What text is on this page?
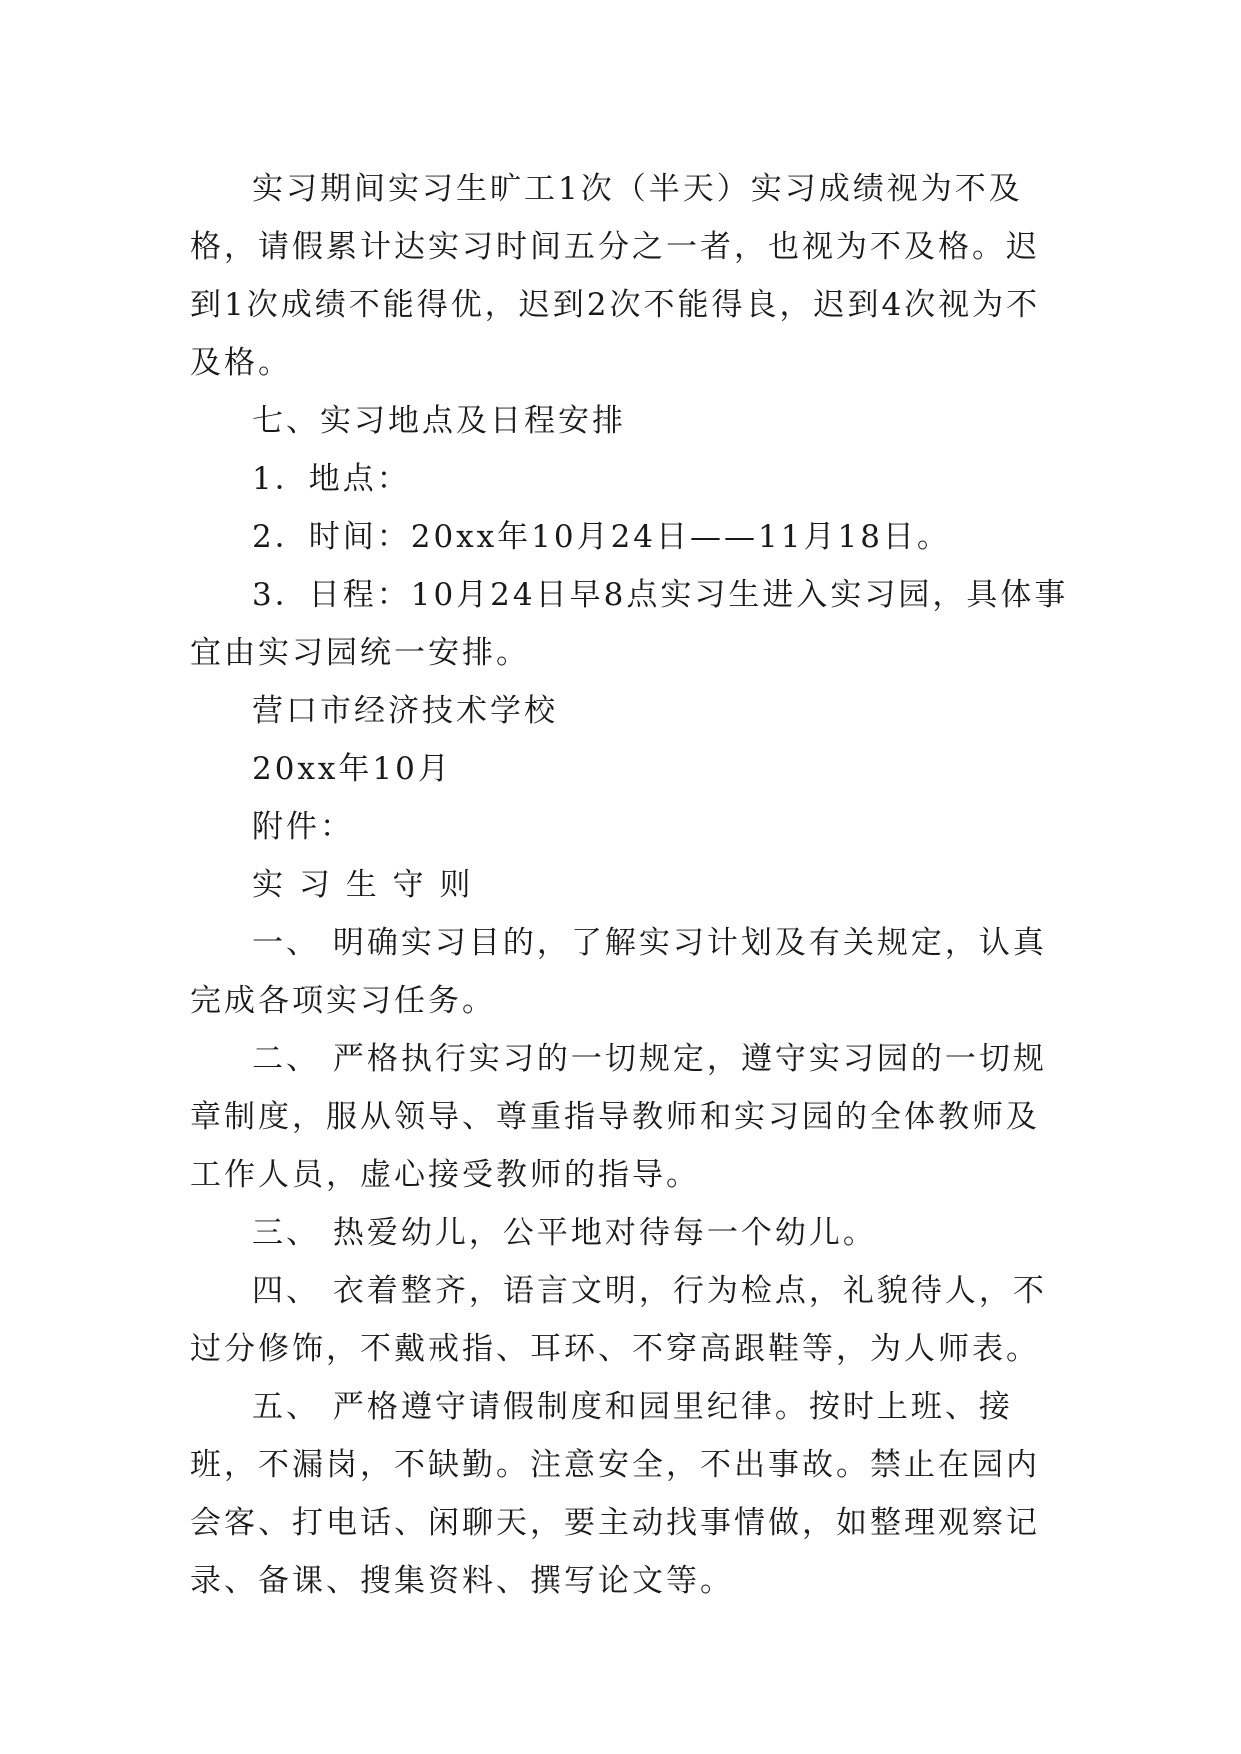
实习期间实习生旷工1次（半天）实习成绩视为不及格，请假累计达实习时间五分之一者，也视为不及格。迟到1次成绩不能得优，迟到2次不能得良，迟到4次视为不及格。

七、实习地点及日程安排

1．地点：

2．时间：20xx年10月24日——11月18日。

3．日程：10月24日早8点实习生进入实习园，具体事宜由实习园统一安排。

营口市经济技术学校

20xx年10月

附件：

实 习 生 守 则

一、 明确实习目的，了解实习计划及有关规定，认真完成各项实习任务。

二、 严格执行实习的一切规定，遵守实习园的一切规章制度，服从领导、尊重指导教师和实习园的全体教师及工作人员，虚心接受教师的指导。

三、 热爱幼儿，公平地对待每一个幼儿。

四、 衣着整齐，语言文明，行为检点，礼貌待人，不过分修饰，不戴戒指、耳环、不穿高跟鞋等，为人师表。

五、 严格遵守请假制度和园里纪律。按时上班、接班，不漏岗，不缺勤。注意安全，不出事故。禁止在园内会客、打电话、闲聊天，要主动找事情做，如整理观察记录、备课、搜集资料、撰写论文等。
